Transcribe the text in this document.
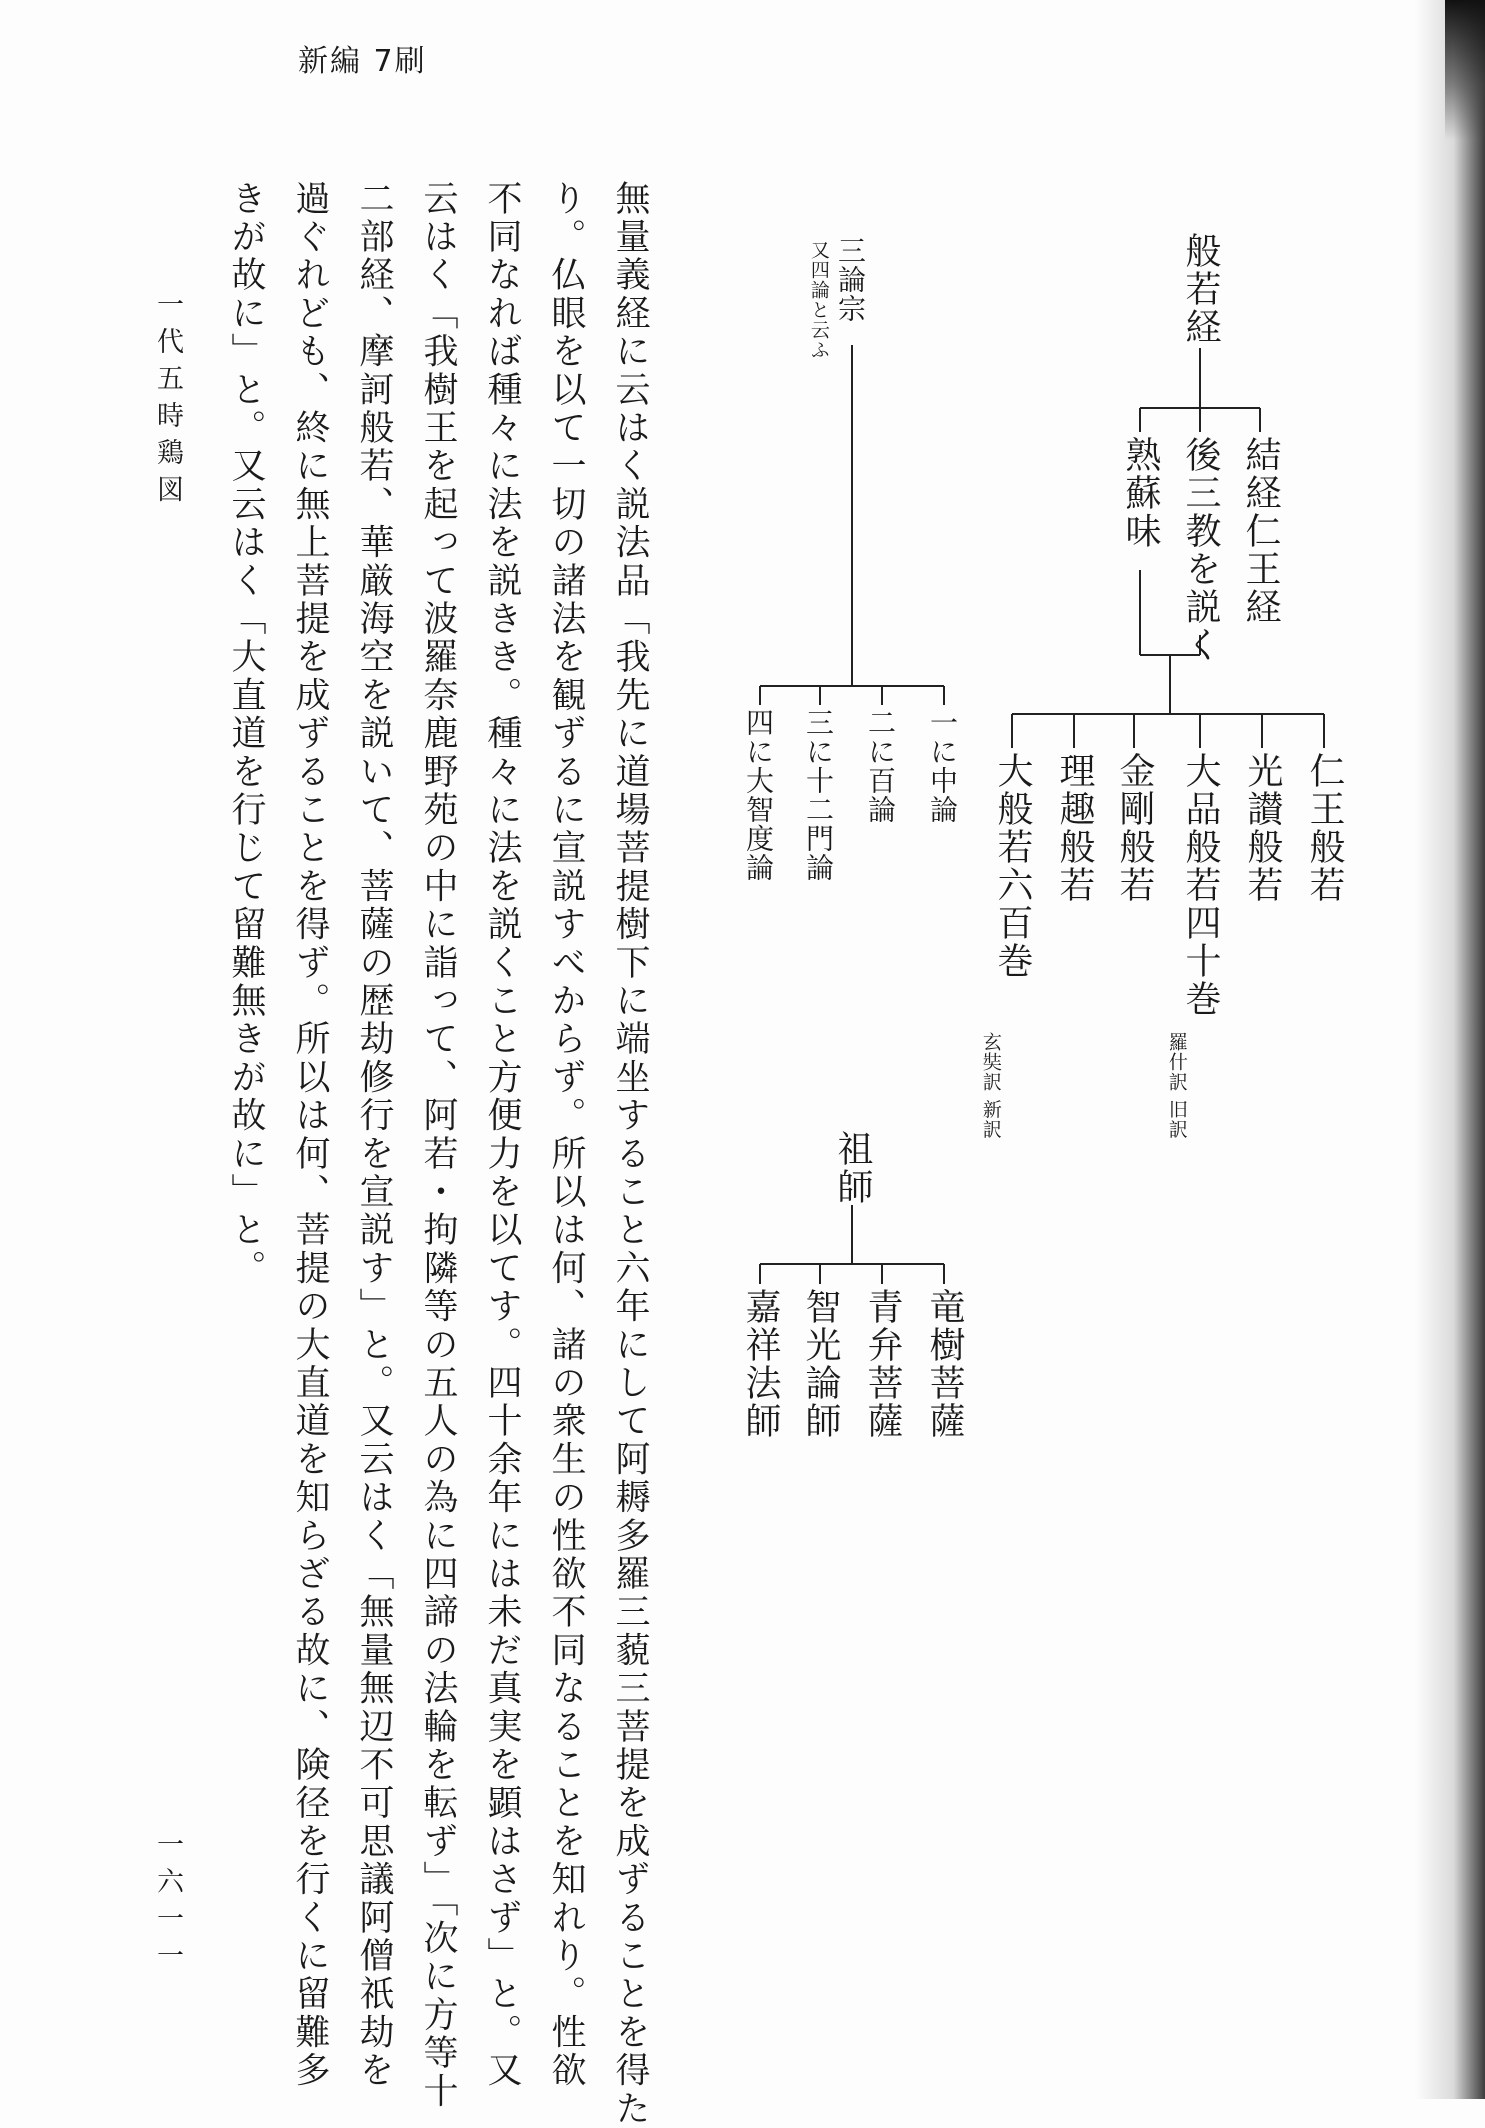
新編 7刷
般若経
結経仁王経
後三教を説く
熟蘇味
仁王般若
光讃般若
大品般若四十巻
羅什訳 旧訳
金剛般若
理趣般若
大般若六百巻
玄奘訳 新訳
三論宗
又四論と云ふ
一に中論
二に百論
三に十二門論
四に大智度論
祖師
竜樹菩薩
青弁菩薩
智光論師
嘉祥法師
無量義経に云はく説法品「我先に道場菩提樹下に端坐すること六年にして阿耨多羅三藐三菩提を成ずることを得た
り。仏眼を以て一切の諸法を観ずるに宣説すべからず。所以は何、諸の衆生の性欲不同なることを知れり。性欲
不同なれば種々に法を説きき。種々に法を説くこと方便力を以てす。四十余年には未だ真実を顕はさず」と。又
云はく「我樹王を起って波羅奈鹿野苑の中に詣って、阿若・拘隣等の五人の為に四諦の法輪を転ず」「次に方等十
二部経、摩訶般若、華厳海空を説いて、菩薩の歴劫修行を宣説す」と。又云はく「無量無辺不可思議阿僧祇劫を
過ぐれども、終に無上菩提を成ずることを得ず。所以は何、菩提の大直道を知らざる故に、険径を行くに留難多
きが故に」と。又云はく「大直道を行じて留難無きが故に」と。
一代五時鶏図
一六一一
